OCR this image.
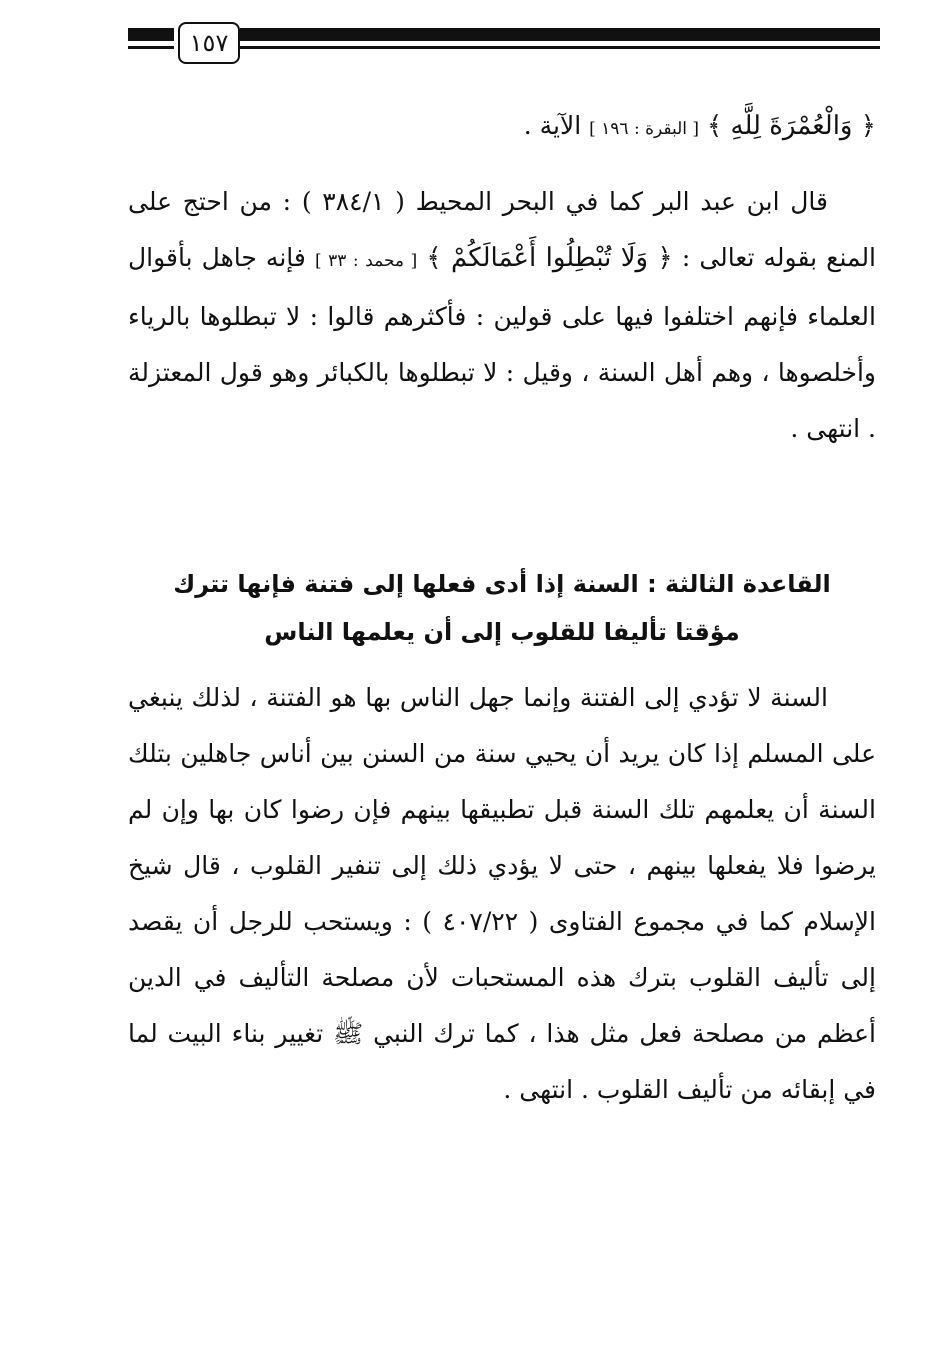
١٥٧

﴿ وَالْعُمْرَةَ لِلَّهِ ﴾ [ البقرة : ١٩٦ ] الآية .

قال ابن عبد البر كما في البحر المحيط ( ٣٨٤/١ ) : من احتج على المنع بقوله تعالى : ﴿ وَلَا تُبْطِلُوا أَعْمَالَكُمْ ﴾ [ محمد : ٣٣ ] فإنه جاهل بأقوال العلماء فإنهم اختلفوا فيها على قولين : فأكثرهم قالوا : لا تبطلوها بالرياء وأخلصوها ، وهم أهل السنة ، وقيل : لا تبطلوها بالكبائر وهو قول المعتزلة . انتهى .

القاعدة الثالثة : السنة إذا أدى فعلها إلى فتنة فإنها تترك
مؤقتا تأليفا للقلوب إلى أن يعلمها الناس

السنة لا تؤدي إلى الفتنة وإنما جهل الناس بها هو الفتنة ، لذلك ينبغي على المسلم إذا كان يريد أن يحيي سنة من السنن بين أناس جاهلين بتلك السنة أن يعلمهم تلك السنة قبل تطبيقها بينهم فإن رضوا كان بها وإن لم يرضوا فلا يفعلها بينهم ، حتى لا يؤدي ذلك إلى تنفير القلوب ، قال شيخ الإسلام كما في مجموع الفتاوى ( ٤٠٧/٢٢ ) : ويستحب للرجل أن يقصد إلى تأليف القلوب بترك هذه المستحبات لأن مصلحة التأليف في الدين أعظم من مصلحة فعل مثل هذا ، كما ترك النبي ﷺ تغيير بناء البيت لما في إبقائه من تأليف القلوب . انتهى .
